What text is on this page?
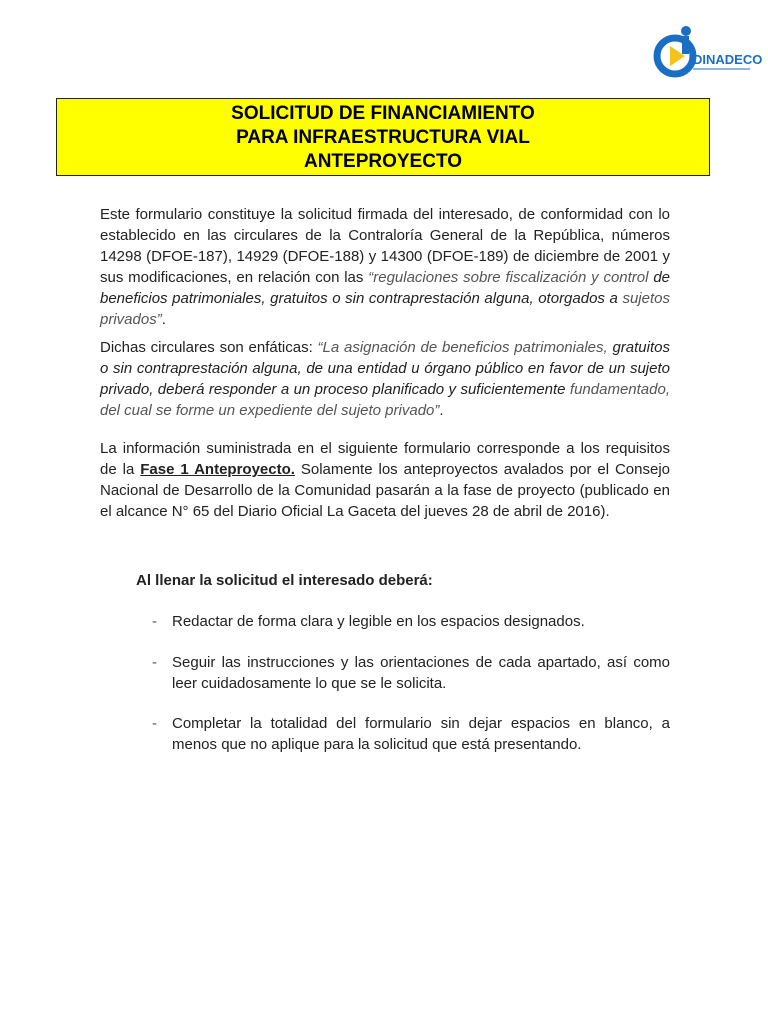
DINADECO
SOLICITUD DE FINANCIAMIENTO
PARA INFRAESTRUCTURA VIAL
ANTEPROYECTO
Este formulario constituye la solicitud firmada del interesado, de conformidad con lo establecido en las circulares de la Contraloría General de la República, números 14298 (DFOE-187), 14929 (DFOE-188) y 14300 (DFOE-189) de diciembre de 2001 y sus modificaciones, en relación con las “regulaciones sobre fiscalización y control de beneficios patrimoniales, gratuitos o sin contraprestación alguna, otorgados a sujetos privados”.
Dichas circulares son enfáticas: “La asignación de beneficios patrimoniales, gratuitos o sin contraprestación alguna, de una entidad u órgano público en favor de un sujeto privado, deberá responder a un proceso planificado y suficientemente fundamentado, del cual se forme un expediente del sujeto privado”.
La información suministrada en el siguiente formulario corresponde a los requisitos de la Fase 1 Anteproyecto. Solamente los anteproyectos avalados por el Consejo Nacional de Desarrollo de la Comunidad pasarán a la fase de proyecto (publicado en el alcance N° 65 del Diario Oficial La Gaceta del jueves 28 de abril de 2016).
Al llenar la solicitud el interesado deberá:
- Redactar de forma clara y legible en los espacios designados.
- Seguir las instrucciones y las orientaciones de cada apartado, así como leer cuidadosamente lo que se le solicita.
- Completar la totalidad del formulario sin dejar espacios en blanco, a menos que no aplique para la solicitud que está presentando.
